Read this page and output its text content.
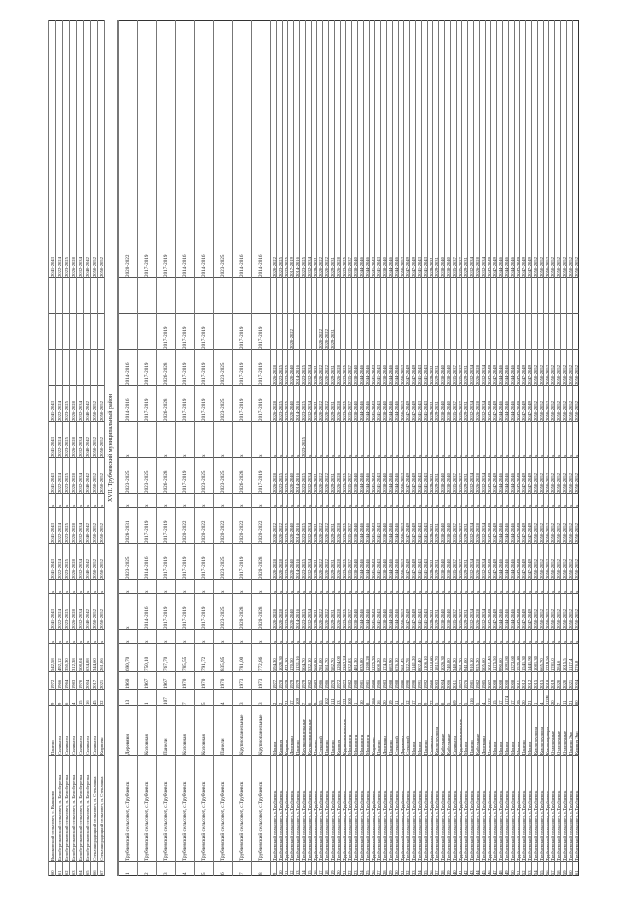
60
Вышковский сельсовет, с. Вышково
Панели
9
1972
542,58
x
2041-2043
x
2041-2043
2041-2043
x
2041-2043
2041-2043
2041-2043
2041-2043
61
Белоберезковский сельсовет, п. Белоберезка
Силикатн
9
1966
492,12
x
2022-2024
x
2022-2024
2022-2024
x
2022-2024
2022-2024
2022-2024
2022-2024
62
Белоберезковский сельсовет, п. Белоберезка
Силикатн
6
1964
350,30
x
2023-2025
x
2023-2025
2023-2025
x
2023-2025
2023-2025
2023-2025
2023-2025
63
Белоберезковский сельсовет, п. Белоберезка
Силикатн
4
1983
312,38
x
2026-2028
x
2026-2028
2026-2028
x
2026-2028
2026-2028
2026-2028
2026-2028
64
Белоберезковский сельсовет, п. Белоберезка
Силикатн
15
1970
508,04
x
2032-2034
x
2032-2034
2032-2034
x
2032-2034
2032-2034
2032-2034
2032-2034
65
Белоберезковский сельсовет, п. Белоберезка
Силикатн
16
2004
634,88
x
2040-2042
x
2040-2042
2040-2042
x
2040-2042
2040-2042
2040-2042
2040-2042
66
Стеклянорадицкий сельсовет, п. Стеклянка
Силикатн
45
2017
344,60
x
2050-2052
x
2050-2052
2050-2052
x
2050-2052
2050-2052
2050-2052
2050-2052
67
Стеклянорадицкий сельсовет, п. Стеклянка
Кирпичн
32
2021
261,06
x
2050-2052
x
2050-2052
2050-2052
x
2050-2052
2050-2052
2050-2052
2050-2052
XVII. Трубчевский муниципальный район
1
Трубчевский сельсовет, с.Трубчевск
Деревянн
13
1960
690,70
x
x
x
2023-2025
2028-2031
x
2023-2025
x
2014-2016
2014-2016
2020-2022
2
Трубчевский сельсовет, с.Трубчевск
Коловная
1
1967
750,10
x
2014-2016
x
2014-2016
2017-2019
x
2023-2025
2017-2019
2017-2019
2017-2019
3
Трубчевский сельсовет, с.Трубчевск
Панели
107
1967
767,70
x
2017-2019
x
2017-2019
2017-2019
x
2026-2028
x
2026-2028
2026-2028
2017-2019
2017-2019
4
Трубчевский сельсовет, с.Трубчевск
Коловная
7
1970
785,55
x
2017-2019
x
2017-2019
2020-2022
x
2017-2019
x
2017-2019
2017-2019
2017-2019
2014-2016
5
Трубчевский сельсовет, с.Трубчевск
Коловная
5
1970
791,72
x
2017-2019
x
2017-2019
2020-2022
x
2023-2025
x
2017-2019
2017-2019
2017-2019
2014-2016
6
Трубчевский сельсовет, с.Трубчевск
Панели
4
1970
835,85
x
2023-2025
x
2023-2025
2020-2022
x
2023-2025
x
2023-2025
2023-2025
2023-2025
7
Трубчевский сельсовет, с.Трубчевск
Крупнопанельные
3
1973
781,00
x
2020-2028
x
2017-2019
2020-2022
x
2026-2028
x
2017-2019
2017-2019
2017-2019
2014-2016
8
Трубчевский сельсовет, с.Трубчевск
Крупнопанельные
3
1973
772,86
x
2020-2028
x
2020-2028
2020-2022
x
2017-2019
x
2017-2019
2017-2019
2017-2019
2014-2016
9
Трубчевский сельсовет, с.Трубчевск
Монол
2
1977
594,30
x
2020-2028
x
2020-2028
2020-2022
x
2026-2028
x
2026-2028
2026-2028
2020-2022
10
Трубчевский сельсовет, с.Трубчевск
Кирпич
2
1978
1020,30
x
2020-2028
x
2020-2028
2020-2022
x
2023-2025
x
2023-2025
2023-2025
2023-2025
11
Трубчевский сельсовет, с.Трубчевск
Кирпич
21
1979
471,10
x
2023-2025
x
2023-2025
2023-2025
x
2023-2025
x
2023-2025
2023-2025
2023-2025
12
Трубчевский сельсовет, с.Трубчевск
Деревянн
17
1979
170,50
x
2020-2040
x
2020-2040
2020-2040
x
2020-2040
x
2020-2040
2020-2040
2020-2022
2017-2019
13
Трубчевский сельсовет, с.Трубчевск
Панели
109
1979
1131,16
x
2014-2016
x
2014-2016
2014-2016
x
2014-2016
x
2014-2016
2014-2016
2014-2016
14
Трубчевский сельсовет, с.Трубчевск
Крупнопанельные
7
1979
504,70
x
2023-2025
x
2023-2025
2023-2025
x
2023-2025
2023-2025
2023-2025
2023-2025
2023-2025
15
Трубчевский сельсовет, с.Трубчевск
Крупнопанельные
6
1982
532,10
x
2032-2034
x
2032-2034
2032-2034
x
2032-2034
x
2032-2034
2032-2034
2032-2034
16
Трубчевский сельсовет, с.Трубчевск
Панели
9
1983
560,80
x
2029-2031
x
2029-2031
2029-2031
x
2029-2031
x
2029-2031
2029-2031
2029-2031
17
Трубчевский сельсовет, с.Трубчевск
Стеновой
55
1986
781,00
x
2020-2022
x
2020-2022
2020-2022
x
2020-2022
x
2020-2022
2020-2022
2020-2022
2020-2022
18
Трубчевский сельсовет, с.Трубчевск
Панели
102
1986
561,70
x
2020-2022
x
2020-2022
2020-2022
x
2020-2022
x
2020-2022
2020-2022
2020-2022
2020-2022
19
Трубчевский сельсовет, с.Трубчевск
Панели
111
1970
582,70
x
2029-2031
x
2029-2031
2029-2031
x
2029-2031
x
2029-2031
2029-2031
2029-2031
2029-2031
20
Трубчевский сельсовет, с.Трубчевск
Кирпич
13
1972
1204,00
x
2026-2028
x
2026-2028
2026-2028
x
2026-2028
x
2026-2028
2026-2028
2026-2028
21
Трубчевский сельсовет, с.Трубчевск
Крупнопанельные
121
1972
1362,34
x
2023-2025
x
2023-2025
2023-2025
x
2023-2025
x
2023-2025
2023-2025
2023-2025
22
Трубчевский сельсовет, с.Трубчевск
Монолитн
100
1982
632,83
x
2035-2037
x
2035-2037
2035-2037
x
2035-2037
x
2035-2037
2035-2037
2035-2037
23
Трубчевский сельсовет, с.Трубчевск
Монолитн
1
1980
481,30
x
2038-2040
x
2038-2040
2038-2040
x
2038-2040
x
2038-2040
2038-2040
2038-2040
24
Трубчевский сельсовет, с.Трубчевск
Монолитн
10
1981
835,80
x
2044-2046
x
2044-2046
2044-2046
x
2044-2046
x
2044-2046
2044-2046
2044-2046
25
Трубчевский сельсовет, с.Трубчевск
Монолитн
8
1981
1200,28
x
2044-2046
x
2044-2046
2044-2046
x
2044-2046
x
2044-2046
2044-2046
2044-2046
26
Трубчевский сельсовет, с.Трубчевск
Кирпичн
186
1988
1175,70
x
2041-2043
x
2041-2043
2041-2043
x
2041-2043
x
2041-2043
2041-2043
2041-2043
27
Трубчевский сельсовет, с.Трубчевск
Панели
16
1986
608,20
x
2041-2043
x
2041-2043
2041-2043
x
2041-2043
x
2041-2043
2041-2043
2041-2043
28
Трубчевский сельсовет, с.Трубчевск
Деревянн
20
1983
174,19
x
2038-2040
x
2038-2040
2038-2040
x
2038-2040
x
2038-2040
2038-2040
2038-2040
29
Трубчевский сельсовет, с.Трубчевск
Панели
19
1988
683,90
x
2044-2046
x
2044-2046
2044-2046
x
2044-2046
x
2044-2046
2044-2046
2044-2046
30
Трубчевский сельсовет, с.Трубчевск
Стеновой
11
1988
676,10
x
2044-2046
x
2044-2046
2044-2046
x
2044-2046
x
2044-2046
2044-2046
2044-2046
31
Трубчевский сельсовет, с.Трубчевск
Деревянн
3
1990
561,45
x
2050-2052
x
2050-2052
2050-2052
x
2050-2052
x
2050-2052
2050-2052
2050-2052
32
Трубчевский сельсовет, с.Трубчевск
Стеновой
12
1990
522,78
x
2047-2049
x
2047-2049
2047-2049
x
2047-2049
x
2047-2049
2047-2049
2047-2049
33
Трубчевский сельсовет, с.Трубчевск
Монол
17
1990
1141,20
x
2047-2049
x
2047-2049
2047-2049
x
2047-2049
x
2047-2049
2047-2049
2047-2049
34
Трубчевский сельсовет, с.Трубчевск
Монол
3
1991
802,40
x
2041-2043
x
2041-2043
2041-2043
x
2041-2043
x
2041-2043
2041-2043
2041-2043
35
Трубчевский сельсовет, с.Трубчевск
Панели
9
1992
1106,10
x
2041-2043
x
2041-2043
2041-2043
x
2041-2043
x
2041-2043
2041-2043
2041-2043
36
Трубчевский сельсовет, с.Трубчевск
Силикатн
22
1960
1114,60
x
2029-2031
x
2029-2031
2029-2031
x
2029-2031
x
2029-2031
2029-2031
2029-2031
37
Трубчевский сельсовет, с.Трубчевск
Кислотоупорн
5
2003
1811,70
x
2029-2031
x
2029-2031
2029-2031
x
2029-2031
x
2029-2031
2029-2031
2029-2031
38
Трубчевский сельсовет, с.Трубчевск
Кабельные
8
2004
1026,30
x
2038-2040
x
2038-2040
2038-2040
x
2038-2040
x
2038-2040
2038-2040
2038-2040
39
Трубчевский сельсовет, с.Трубчевск
Кабельные
5
2006
740,80
x
2038-2040
x
2038-2040
2038-2040
x
2038-2040
x
2038-2040
2038-2040
2038-2040
40
Трубчевский сельсовет, с.Трубчевск
Силикатн
69
2011
348,20
x
2035-2037
x
2035-2037
2035-2037
x
2035-2037
x
2035-2037
2035-2037
2035-2037
41
Трубчевский сельсовет, с.Трубчевск
Крупнопанельные
1
1972
761,70
x
2035-2037
x
2035-2037
2035-2037
x
2035-2037
x
2035-2037
2035-2037
2035-2037
42
Трубчевский сельсовет, с.Трубчевск
Монол
5
1976
941,00
x
2029-2031
x
2029-2031
2029-2031
x
2029-2031
x
2029-2031
2029-2031
2029-2031
43
Трубчевский сельсовет, с.Трубчевск
Панели
116
1981
910,10
x
2032-2034
x
2032-2034
2032-2034
x
2032-2034
x
2032-2034
2032-2034
2032-2034
44
Трубчевский сельсовет, с.Трубчевск
Кабельные
5
1982
925,20
x
2026-2028
x
2026-2028
2026-2028
x
2026-2028
x
2026-2028
2026-2028
2026-2028
45
Трубчевский сельсовет, с.Трубчевск
Деревянн
4
1985
505,60
x
2032-2034
x
2032-2034
2032-2034
x
2032-2034
x
2032-2034
2032-2034
2032-2034
46
Трубчевский сельсовет, с.Трубчевск
Панели
113
2007
1011,40
x
2047-2049
x
2047-2049
2047-2049
x
2047-2049
x
2047-2049
2047-2049
2047-2049
47
Трубчевский сельсовет, с.Трубчевск
Монол
15
2008
1175,50
x
2047-2049
x
2047-2049
2047-2049
x
2047-2049
x
2047-2049
2047-2049
2047-2049
48
Трубчевский сельсовет, с.Трубчевск
Монол
17
2008
990,60
x
2044-2046
x
2044-2046
2044-2046
x
2044-2046
x
2044-2046
2044-2046
2044-2046
49
Трубчевский сельсовет, с.Трубчевск
Монол
1174
2008
1091,80
x
2044-2046
x
2044-2046
2044-2046
x
2044-2046
x
2044-2046
2044-2046
2044-2046
50
Трубчевский сельсовет, с.Трубчевск
Монол
17
2008
1373,60
x
2044-2046
x
2044-2046
2044-2046
x
2044-2046
x
2044-2046
2044-2046
2044-2046
51
Трубчевский сельсовет, с.Трубчевск
Монол
19
2011
1525,40
x
2047-2049
x
2047-2049
2047-2049
x
2047-2049
x
2047-2049
2047-2049
2047-2049
52
Трубчевский сельсовет, с.Трубчевск
Панели
20
2012
1541,30
x
2047-2049
x
2047-2049
2047-2049
x
2047-2049
x
2047-2049
2047-2049
2047-2049
53
Трубчевский сельсовет, с.Трубчевск
Монол
21
2012
1441,90
x
2047-2049
x
2047-2049
2047-2049
x
2047-2049
x
2047-2049
2047-2049
2047-2049
54
Трубчевский сельсовет, с.Трубчевск
Кислотоупорн
1
2015
1081,30
x
2050-2052
x
2050-2052
2050-2052
x
2050-2052
x
2050-2052
2050-2052
2050-2052
55
Трубчевский сельсовет, с.Трубчевск
Кислотоупорн
4
2015
665,70
x
2050-2052
x
2050-2052
2050-2052
x
2050-2052
x
2050-2052
2050-2052
2050-2052
56
Трубчевский сельсовет, с.Трубчевск
Кислотоупорн
113В
2018
1719,50
x
2050-2052
x
2050-2052
2050-2052
x
2050-2052
x
2050-2052
2050-2052
2050-2052
57
Трубчевский сельсовет, с.Трубчевск
Отделочные
20
2019
1781,0
x
2050-2052
x
2050-2052
2050-2052
x
2050-2052
x
2050-2052
2050-2052
2050-2052
58
Трубчевский сельсовет, с.Трубчевск
Отделочные
7
2020
284,6
x
2050-2052
x
2050-2052
2050-2052
x
2050-2052
x
2050-2052
2050-2052
2050-2052
59
Трубчевский сельсовет, с.Трубчевск
Отделочные
11
2020
1015,5
x
2050-2052
x
2050-2052
2050-2052
x
2050-2052
x
2050-2052
2050-2052
2050-2052
60
Трубчевский сельсовет, с.Трубчевск
Панели Эко
21
2021
1117,4
x
2050-2052
x
2050-2052
2050-2052
x
2050-2052
x
2050-2052
2050-2052
2050-2052
61
Трубчевский сельсовет, с.Трубчевск
Кирпич Эко
80
2004
276,8
x
2050-2052
x
2050-2052
2050-2052
x
2050-2052
x
2050-2052
2050-2052
2050-2052
